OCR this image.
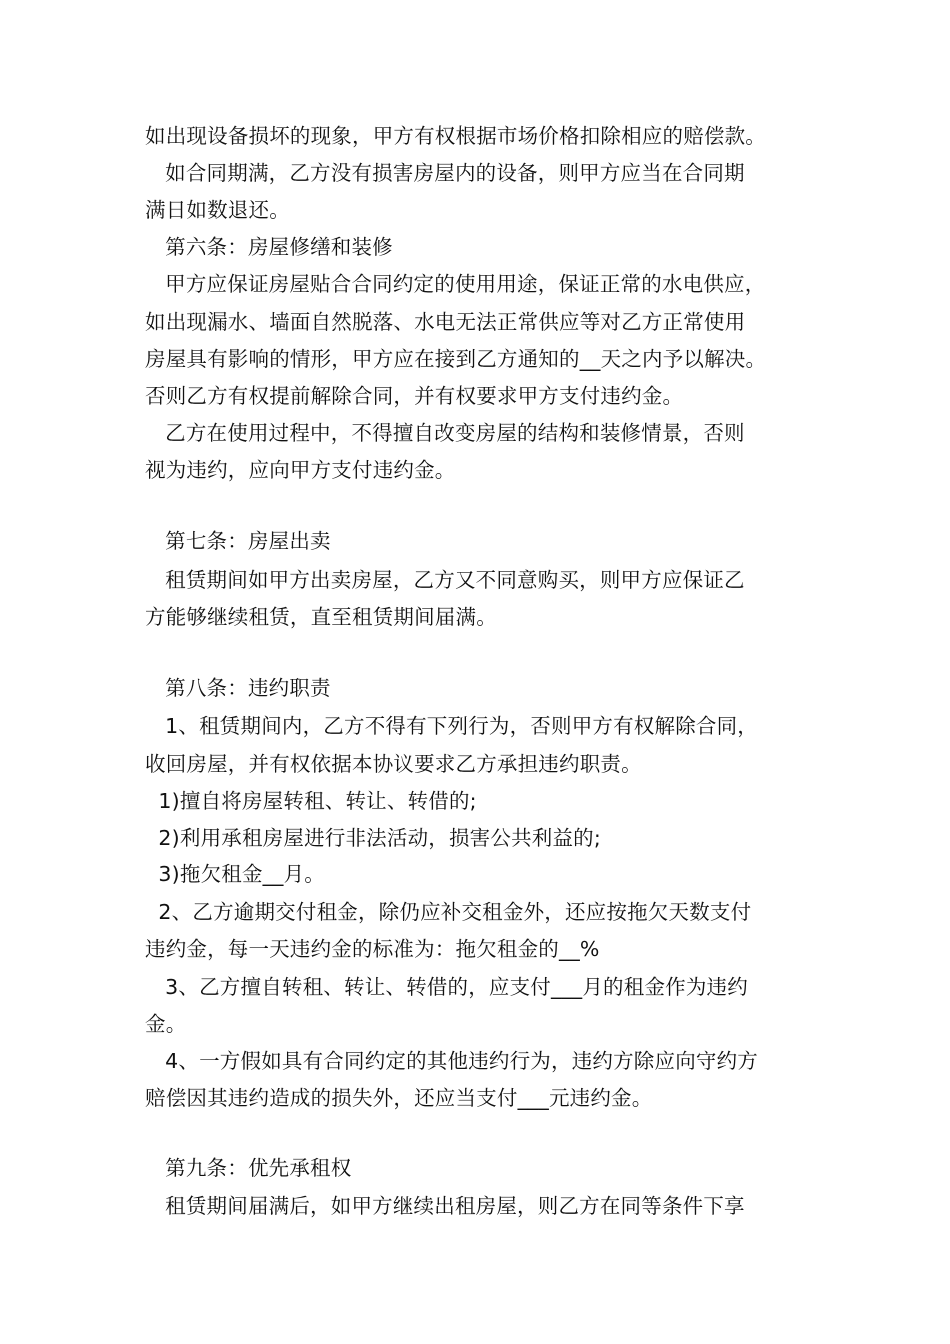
如出现设备损坏的现象，甲方有权根据市场价格扣除相应的赔偿款。
如合同期满，乙方没有损害房屋内的设备，则甲方应当在合同期
满日如数退还。
第六条：房屋修缮和装修
甲方应保证房屋贴合合同约定的使用用途，保证正常的水电供应，
如出现漏水、墙面自然脱落、水电无法正常供应等对乙方正常使用
房屋具有影响的情形，甲方应在接到乙方通知的__天之内予以解决。
否则乙方有权提前解除合同，并有权要求甲方支付违约金。
乙方在使用过程中，不得擅自改变房屋的结构和装修情景，否则
视为违约，应向甲方支付违约金。
第七条：房屋出卖
租赁期间如甲方出卖房屋，乙方又不同意购买，则甲方应保证乙
方能够继续租赁，直至租赁期间届满。
第八条：违约职责
1、租赁期间内，乙方不得有下列行为，否则甲方有权解除合同，
收回房屋，并有权依据本协议要求乙方承担违约职责。
1)擅自将房屋转租、转让、转借的;
2)利用承租房屋进行非法活动，损害公共利益的;
3)拖欠租金__月。
2、乙方逾期交付租金，除仍应补交租金外，还应按拖欠天数支付
违约金，每一天违约金的标准为：拖欠租金的__%
3、乙方擅自转租、转让、转借的，应支付___月的租金作为违约
金。
4、一方假如具有合同约定的其他违约行为，违约方除应向守约方
赔偿因其违约造成的损失外，还应当支付___元违约金。
第九条：优先承租权
租赁期间届满后，如甲方继续出租房屋，则乙方在同等条件下享
